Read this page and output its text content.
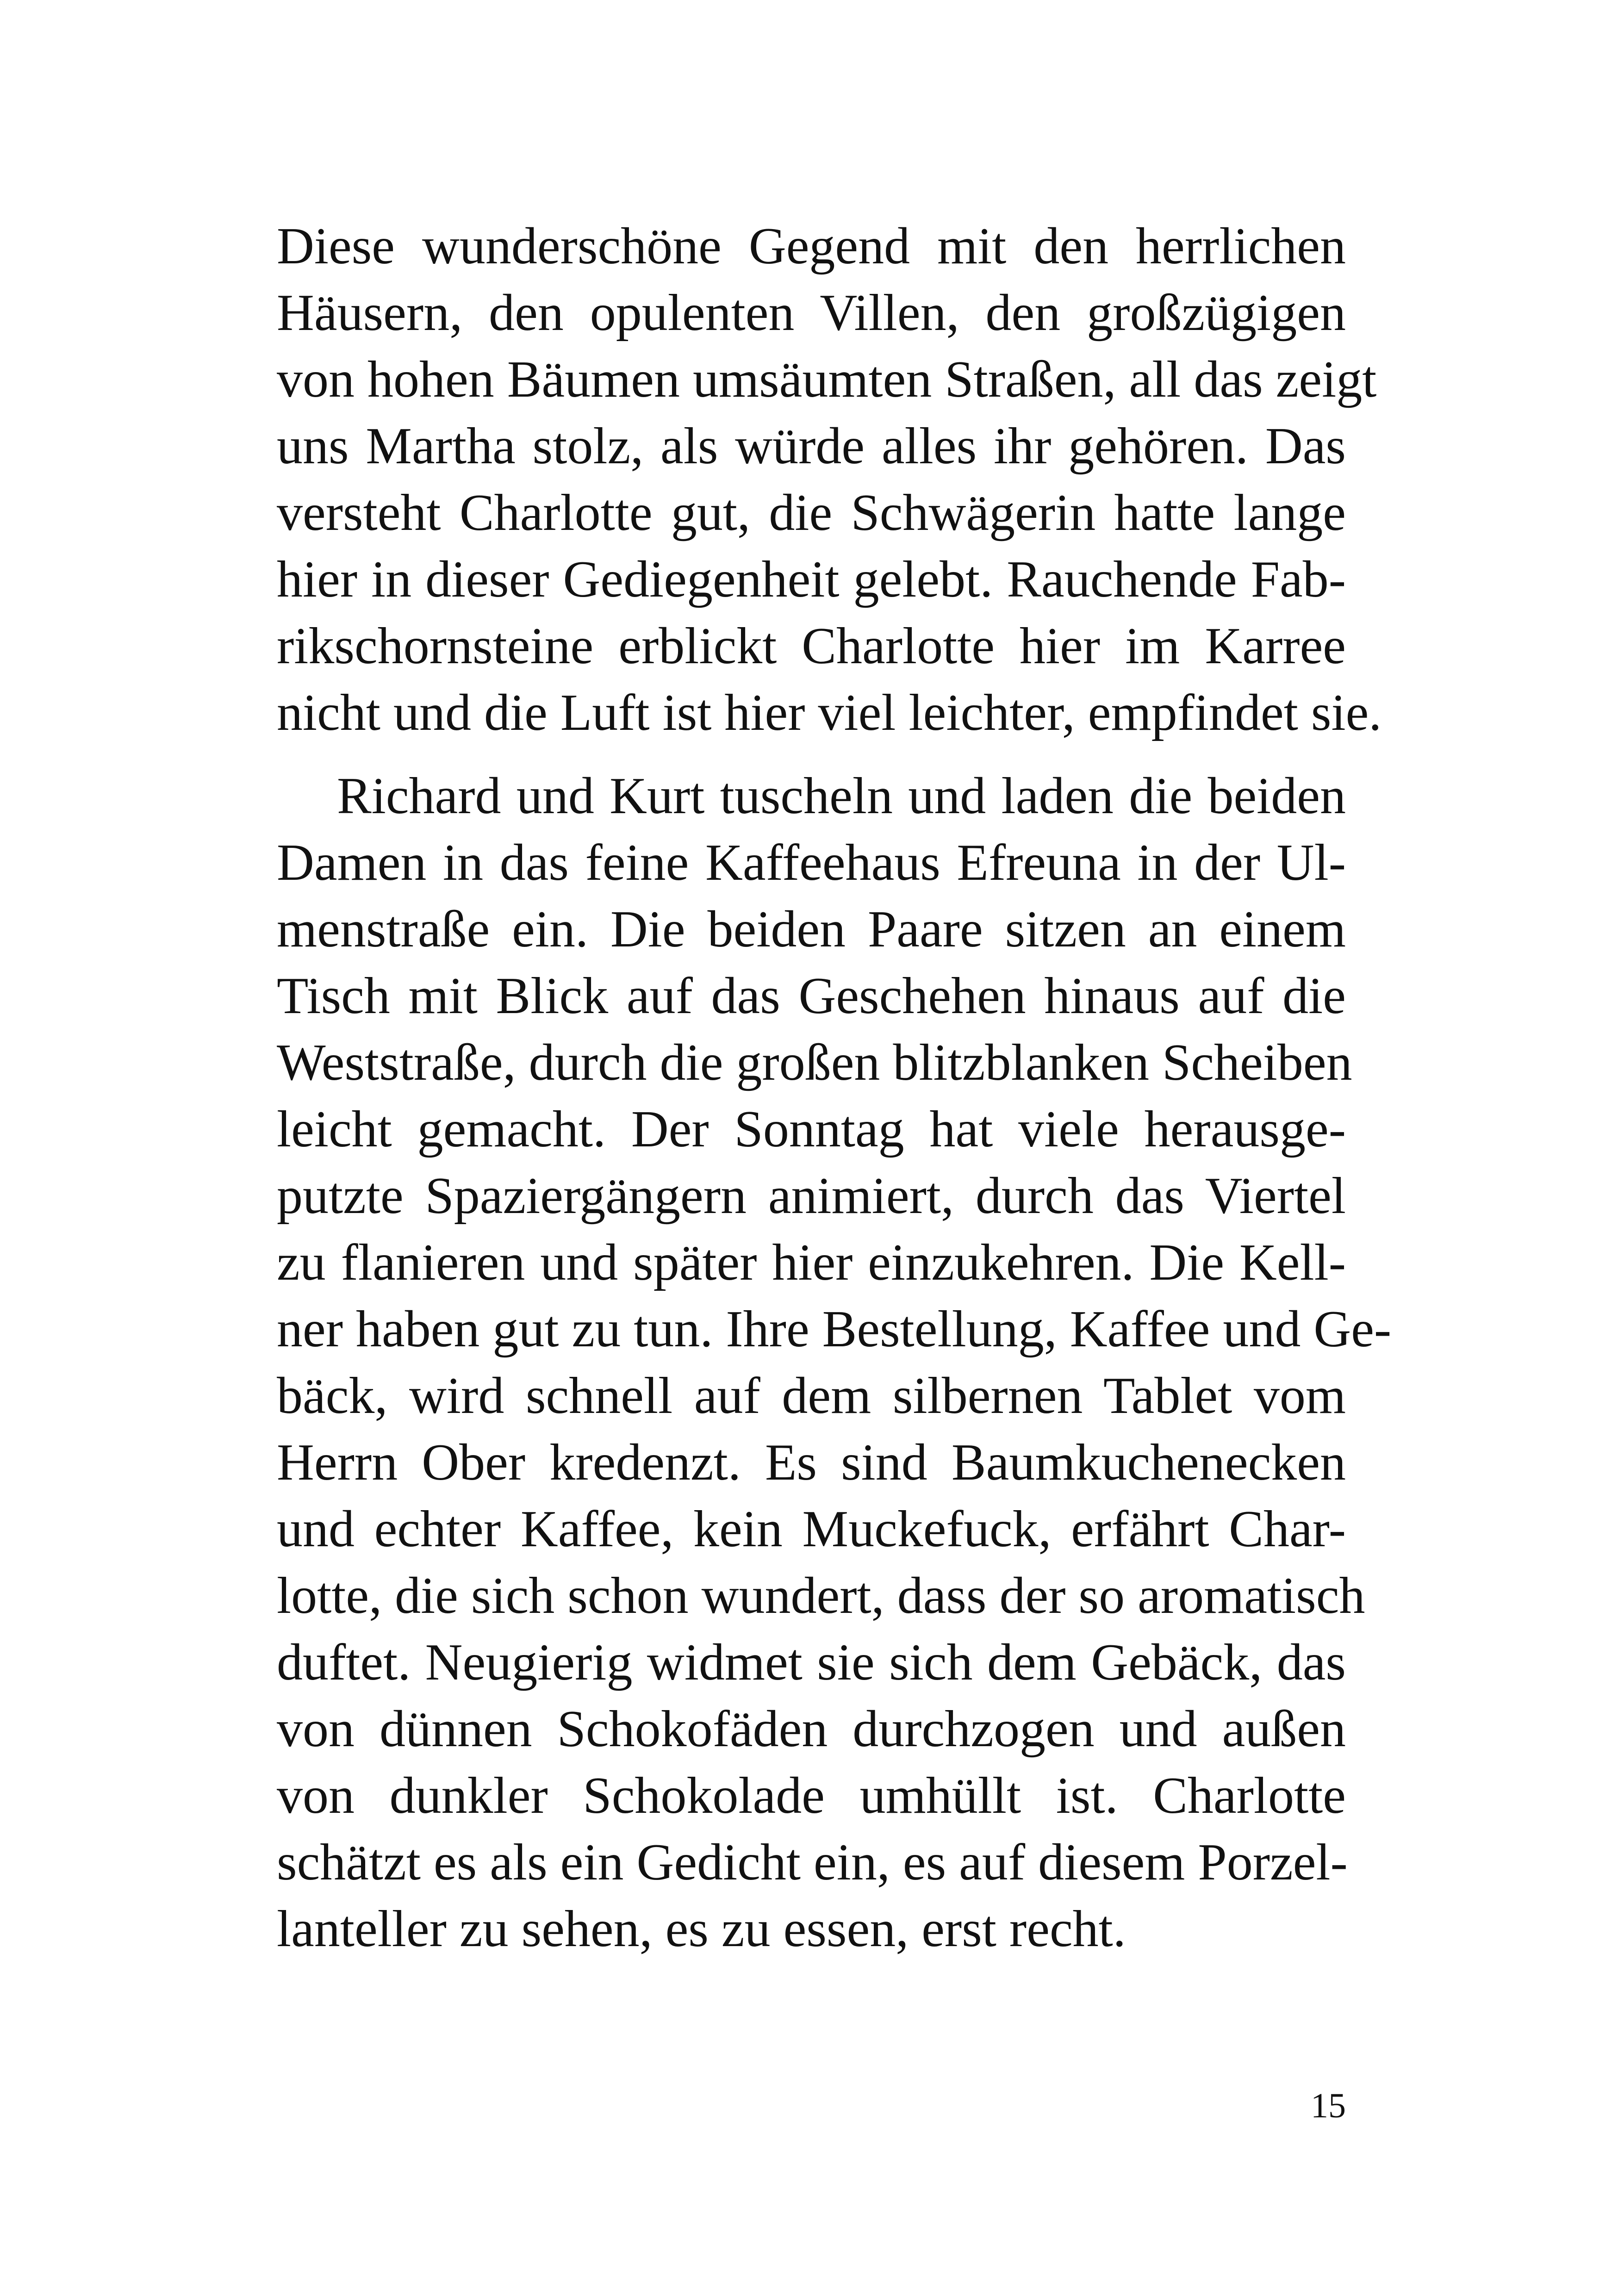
Diese wunderschöne Gegend mit den herrlichen
Häusern, den opulenten Villen, den großzügigen
von hohen Bäumen umsäumten Straßen, all das zeigt
uns Martha stolz, als würde alles ihr gehören. Das
versteht Charlotte gut, die Schwägerin hatte lange
hier in dieser Gediegenheit gelebt. Rauchende Fab-
rikschornsteine erblickt Charlotte hier im Karree
nicht und die Luft ist hier viel leichter, empfindet sie.
Richard und Kurt tuscheln und laden die beiden
Damen in das feine Kaffeehaus Efreuna in der Ul-
menstraße ein. Die beiden Paare sitzen an einem
Tisch mit Blick auf das Geschehen hinaus auf die
Weststraße, durch die großen blitzblanken Scheiben
leicht gemacht. Der Sonntag hat viele herausge-
putzte Spaziergängern animiert, durch das Viertel
zu flanieren und später hier einzukehren. Die Kell-
ner haben gut zu tun. Ihre Bestellung, Kaffee und Ge-
bäck, wird schnell auf dem silbernen Tablet vom
Herrn Ober kredenzt. Es sind Baumkuchenecken
und echter Kaffee, kein Muckefuck, erfährt Char-
lotte, die sich schon wundert, dass der so aromatisch
duftet. Neugierig widmet sie sich dem Gebäck, das
von dünnen Schokofäden durchzogen und außen
von dunkler Schokolade umhüllt ist. Charlotte
schätzt es als ein Gedicht ein, es auf diesem Porzel-
lanteller zu sehen, es zu essen, erst recht.
15
